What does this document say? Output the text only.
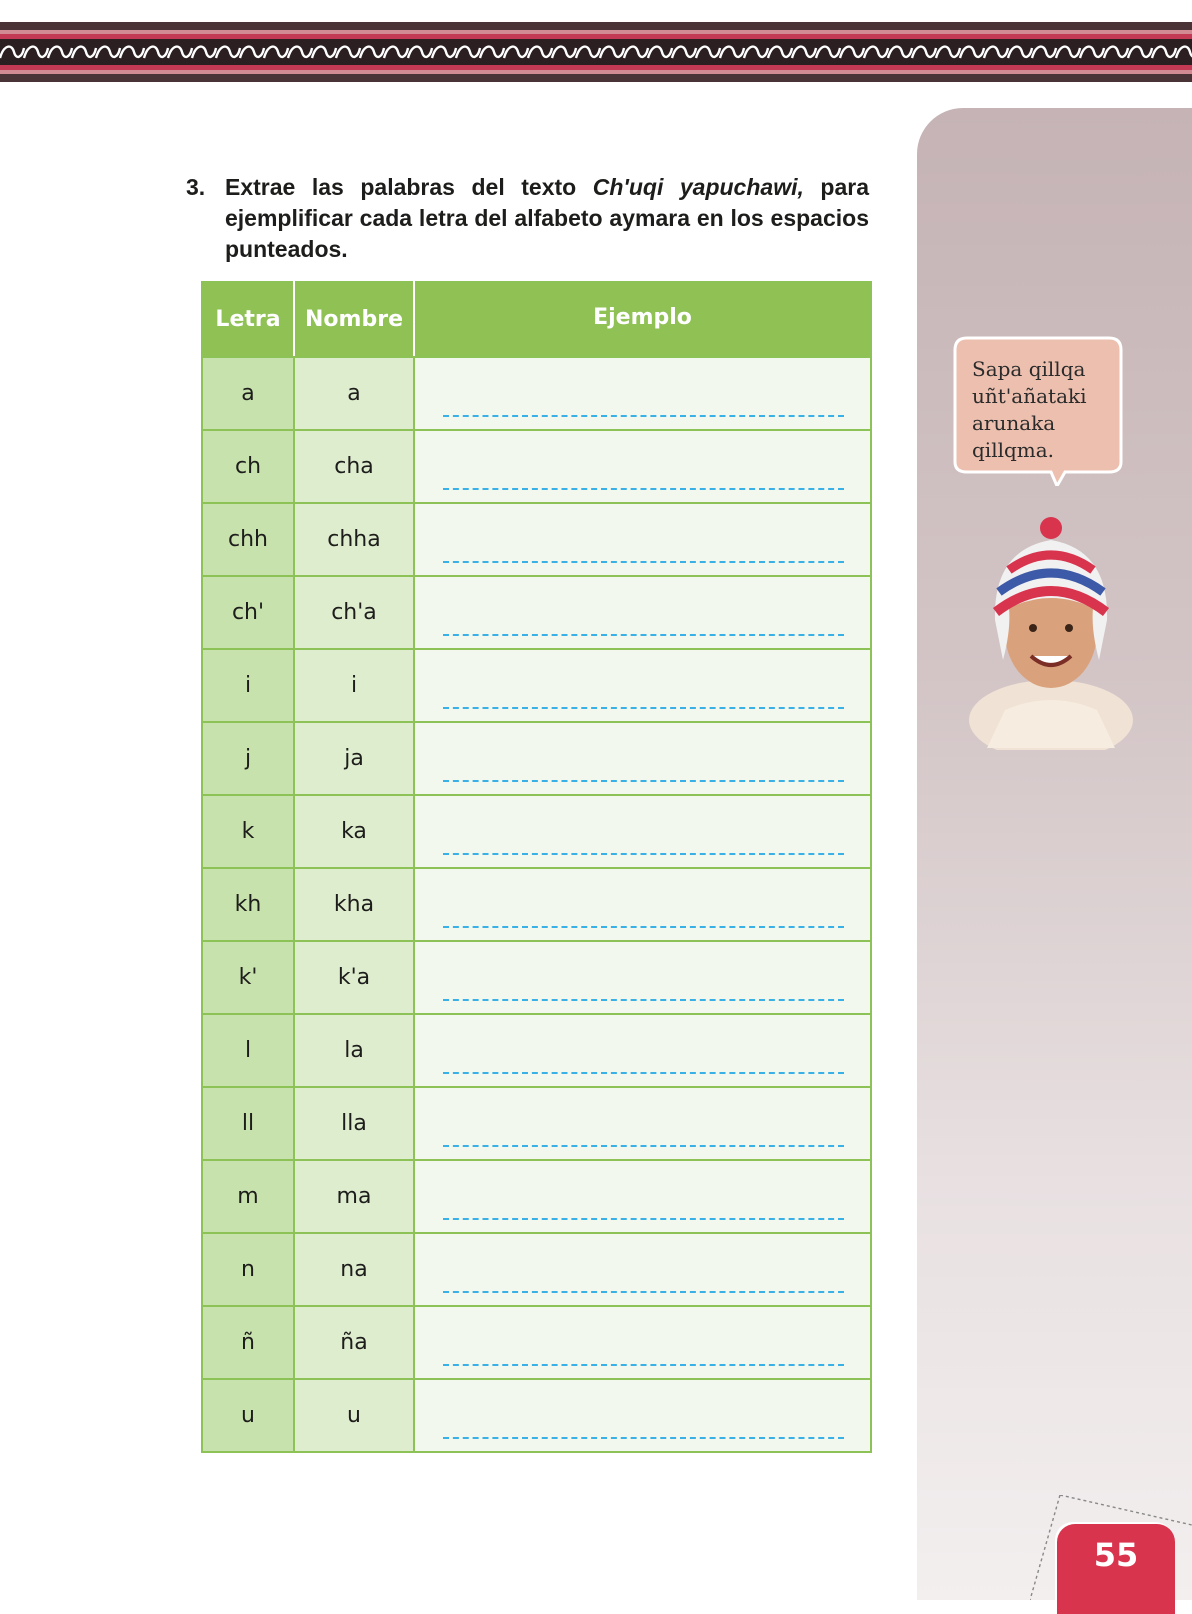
3. Extrae las palabras del texto Ch'uqi yapuchawi, para ejemplificar cada letra del alfabeto aymara en los espacios punteados.
Letra	Nombre	Ejemplo
a	a	

ch	cha	

chh	chha	

ch'	ch'a	

i	i	

j	ja	

k	ka	

kh	kha	

k'	k'a	

l	la	

ll	lla	

m	ma	

n	na	

ñ	ña	

u	u	
Sapa qillqa
uñt'añataki
arunaka
qillqma.
55
